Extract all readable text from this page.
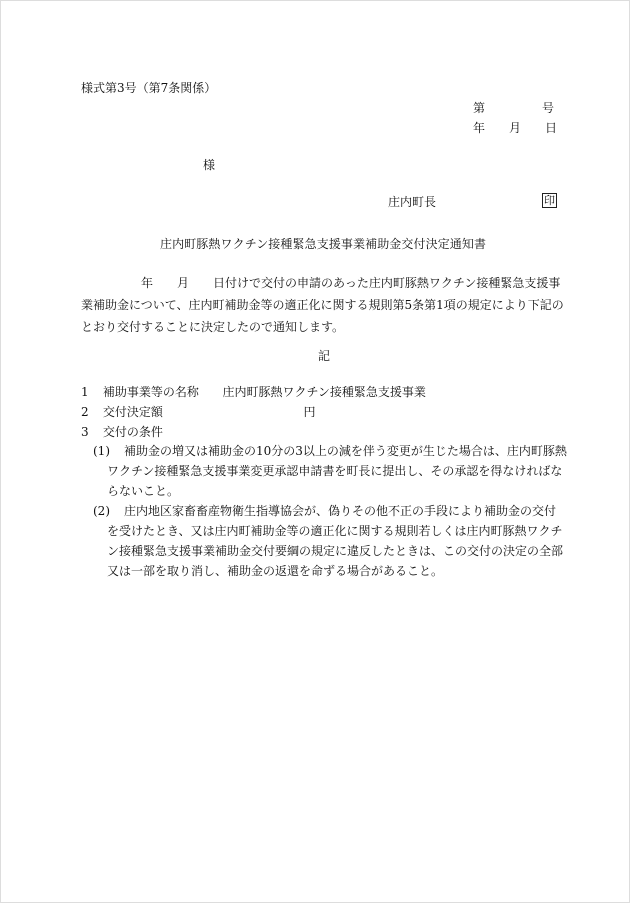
様式第3号（第7条関係）
第	号
年 月 日
様
庄内町長	印
庄内町豚熱ワクチン接種緊急支援事業補助金交付決定通知書
年 月 日付けで交付の申請のあった庄内町豚熱ワクチン接種緊急支援事
業補助金について、庄内町補助金等の適正化に関する規則第5条第1項の規定により下記の
とおり交付することに決定したので通知します。
記
1 補助事業等の名称 庄内町豚熱ワクチン接種緊急支援事業
2 交付決定額	円
3 交付の条件
(1) 補助金の増又は補助金の10分の3以上の減を伴う変更が生じた場合は、庄内町豚熱
ワクチン接種緊急支援事業変更承認申請書を町長に提出し、その承認を得なければな
らないこと。
(2) 庄内地区家畜畜産物衛生指導協会が、偽りその他不正の手段により補助金の交付
を受けたとき、又は庄内町補助金等の適正化に関する規則若しくは庄内町豚熱ワクチ
ン接種緊急支援事業補助金交付要綱の規定に違反したときは、この交付の決定の全部
又は一部を取り消し、補助金の返還を命ずる場合があること。
